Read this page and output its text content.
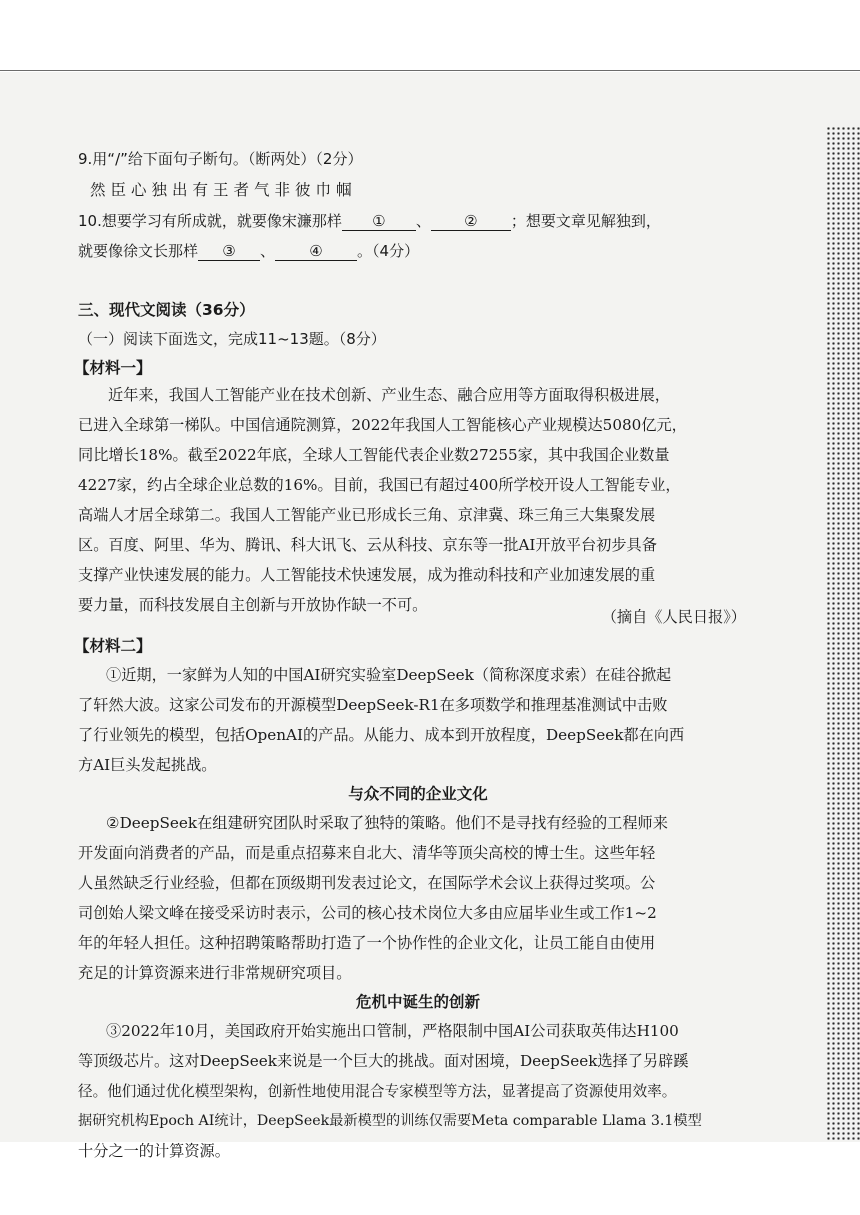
9.用“/”给下面句子断句。（断两处）（2分）
然臣心独出有王者气非彼巾帼
10.想要学习有所成就，就要像宋濂那样 ① 、 ② ；想要文章见解独到，
就要像徐文长那样 ③ 、 ④ 。（4分）
三、现代文阅读（36分）
（一）阅读下面选文，完成11~13题。（8分）
【材料一】
近年来，我国人工智能产业在技术创新、产业生态、融合应用等方面取得积极进展，
已进入全球第一梯队。中国信通院测算，2022年我国人工智能核心产业规模达5080亿元，
同比增长18%。截至2022年底，全球人工智能代表企业数27255家，其中我国企业数量
4227家，约占全球企业总数的16%。目前，我国已有超过400所学校开设人工智能专业，
高端人才居全球第二。我国人工智能产业已形成长三角、京津冀、珠三角三大集聚发展
区。百度、阿里、华为、腾讯、科大讯飞、云从科技、京东等一批AI开放平台初步具备
支撑产业快速发展的能力。人工智能技术快速发展，成为推动科技和产业加速发展的重
要力量，而科技发展自主创新与开放协作缺一不可。
（摘自《人民日报》）
【材料二】
①近期，一家鲜为人知的中国AI研究实验室DeepSeek（简称深度求索）在硅谷掀起
了轩然大波。这家公司发布的开源模型DeepSeek-R1在多项数学和推理基准测试中击败
了行业领先的模型，包括OpenAI的产品。从能力、成本到开放程度，DeepSeek都在向西
方AI巨头发起挑战。
与众不同的企业文化
②DeepSeek在组建研究团队时采取了独特的策略。他们不是寻找有经验的工程师来
开发面向消费者的产品，而是重点招募来自北大、清华等顶尖高校的博士生。这些年轻
人虽然缺乏行业经验，但都在顶级期刊发表过论文，在国际学术会议上获得过奖项。公
司创始人梁文峰在接受采访时表示，公司的核心技术岗位大多由应届毕业生或工作1~2
年的年轻人担任。这种招聘策略帮助打造了一个协作性的企业文化，让员工能自由使用
充足的计算资源来进行非常规研究项目。
危机中诞生的创新
③2022年10月，美国政府开始实施出口管制，严格限制中国AI公司获取英伟达H100
等顶级芯片。这对DeepSeek来说是一个巨大的挑战。面对困境，DeepSeek选择了另辟蹊
径。他们通过优化模型架构，创新性地使用混合专家模型等方法，显著提高了资源使用效率。
据研究机构Epoch AI统计，DeepSeek最新模型的训练仅需要Meta comparable Llama 3.1模型
十分之一的计算资源。
